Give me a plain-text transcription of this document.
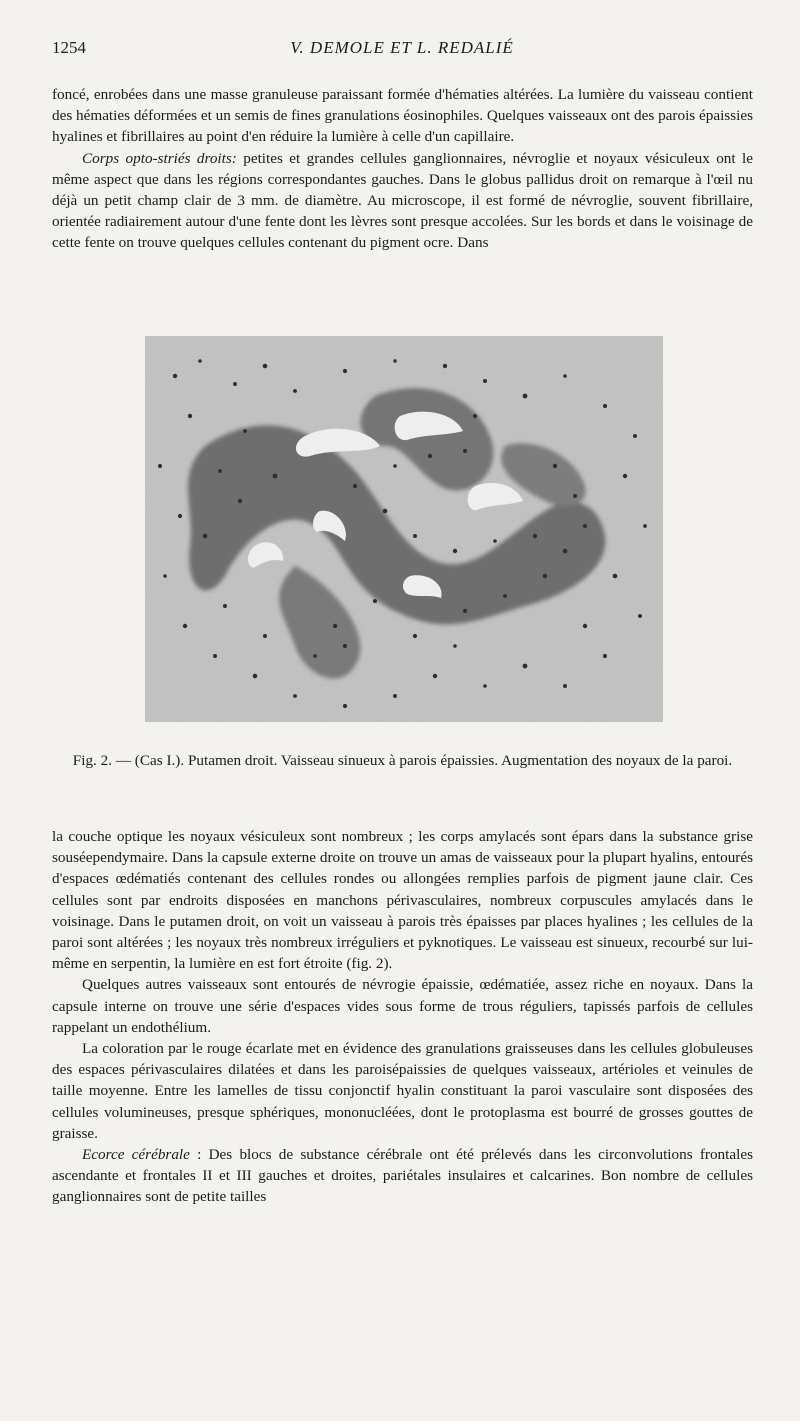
1254	V. DEMOLE ET L. REDALIÉ

foncé, enrobées dans une masse granuleuse paraissant formée d'hématies altérées. La lumière du vaisseau contient des hématies déformées et un semis de fines granulations éosinophiles. Quelques vaisseaux ont des parois épaissies hyalines et fibrillaires au point d'en réduire la lumière à celle d'un capillaire.

Corps opto-striés droits: petites et grandes cellules ganglionnaires, névroglie et noyaux vésiculeux ont le même aspect que dans les régions correspondantes gauches. Dans le globus pallidus droit on remarque à l'œil nu déjà un petit champ clair de 3 mm. de diamètre. Au microscope, il est formé de névroglie, souvent fibrillaire, orientée radiairement autour d'une fente dont les lèvres sont presque accolées. Sur les bords et dans le voisinage de cette fente on trouve quelques cellules contenant du pigment ocre. Dans

Fig. 2. — (Cas I.). Putamen droit. Vaisseau sinueux à parois épaissies. Augmentation des noyaux de la paroi.

la couche optique les noyaux vésiculeux sont nombreux ; les corps amylacés sont épars dans la substance grise souséependymaire. Dans la capsule externe droite on trouve un amas de vaisseaux pour la plupart hyalins, entourés d'espaces œdématiés contenant des cellules rondes ou allongées remplies parfois de pigment jaune clair. Ces cellules sont par endroits disposées en manchons périvasculaires, nombreux corpuscules amylacés dans le voisinage. Dans le putamen droit, on voit un vaisseau à parois très épaisses par places hyalines ; les cellules de la paroi sont altérées ; les noyaux très nombreux irréguliers et pyknotiques. Le vaisseau est sinueux, recourbé sur lui-même en serpentin, la lumière en est fort étroite (fig. 2).

Quelques autres vaisseaux sont entourés de névrogie épaissie, œdématiée, assez riche en noyaux. Dans la capsule interne on trouve une série d'espaces vides sous forme de trous réguliers, tapissés parfois de cellules rappelant un endothélium.

La coloration par le rouge écarlate met en évidence des granulations graisseuses dans les cellules globuleuses des espaces périvasculaires dilatées et dans les paroisépaissies de quelques vaisseaux, artérioles et veinules de taille moyenne. Entre les lamelles de tissu conjonctif hyalin constituant la paroi vasculaire sont disposées des cellules volumineuses, presque sphériques, mononucléées, dont le protoplasma est bourré de grosses gouttes de graisse.

Ecorce cérébrale : Des blocs de substance cérébrale ont été prélevés dans les circonvolutions frontales ascendante et frontales II et III gauches et droites, pariétales insulaires et calcarines. Bon nombre de cellules ganglionnaires sont de petite tailles
